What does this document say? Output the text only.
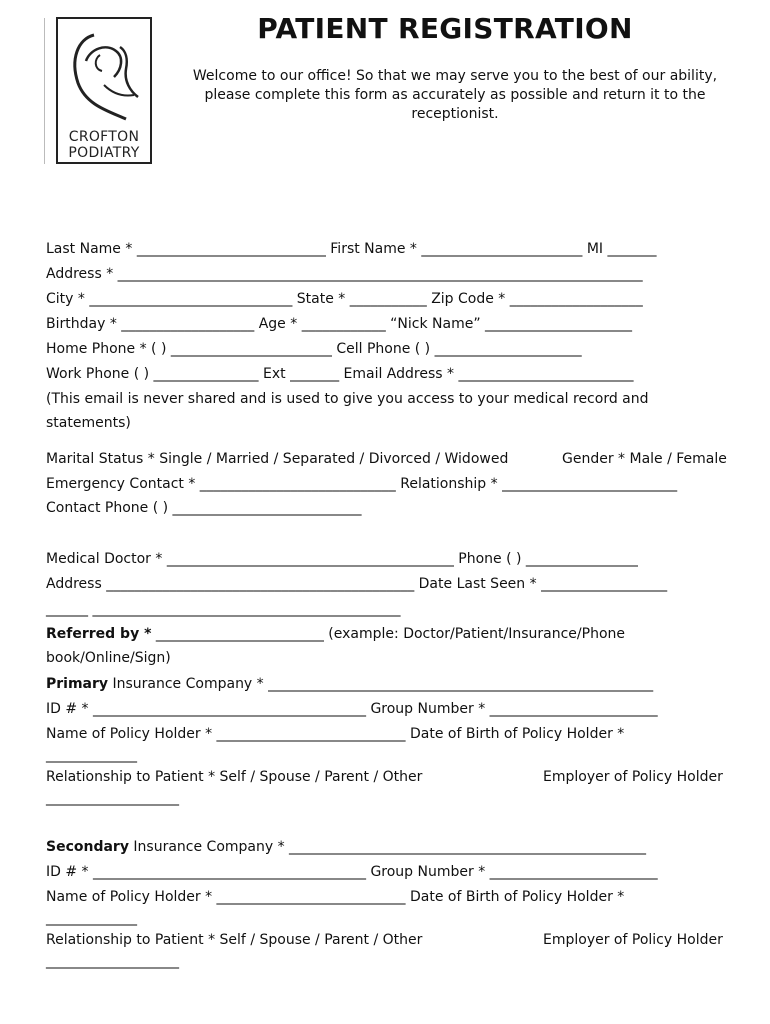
CROFTON
PODIATRY
PATIENT REGISTRATION
Welcome to our office! So that we may serve you to the best of our ability,
please complete this form as accurately as possible and return it to the
receptionist.
Last Name * ___________________________ First Name * _______________________ MI _______
Address * ___________________________________________________________________________
City * _____________________________ State * ___________ Zip Code * ___________________
Birthday * ___________________ Age * ____________ “Nick Name” _____________________
Home Phone * ( ) _______________________ Cell Phone ( ) _____________________
Work Phone ( ) _______________ Ext _______ Email Address * _________________________
(This email is never shared and is used to give you access to your medical record and
statements)
Marital Status * Single / Married / Separated / Divorced / Widowed	Gender * Male / Female
Emergency Contact * ____________________________ Relationship * _________________________
Contact Phone ( ) ___________________________
Medical Doctor * _________________________________________ Phone ( ) ________________
Address ____________________________________________ Date Last Seen * __________________
______ ____________________________________________
Referred by * ________________________ (example: Doctor/Patient/Insurance/Phone
book/Online/Sign)
Primary Insurance Company * _______________________________________________________
ID # * _______________________________________ Group Number * ________________________
Name of Policy Holder * ___________________________ Date of Birth of Policy Holder *
_____________
Relationship to Patient * Self / Spouse / Parent / Other	Employer of Policy Holder
___________________
Secondary Insurance Company * ___________________________________________________
ID # * _______________________________________ Group Number * ________________________
Name of Policy Holder * ___________________________ Date of Birth of Policy Holder *
_____________
Relationship to Patient * Self / Spouse / Parent / Other	Employer of Policy Holder
___________________
